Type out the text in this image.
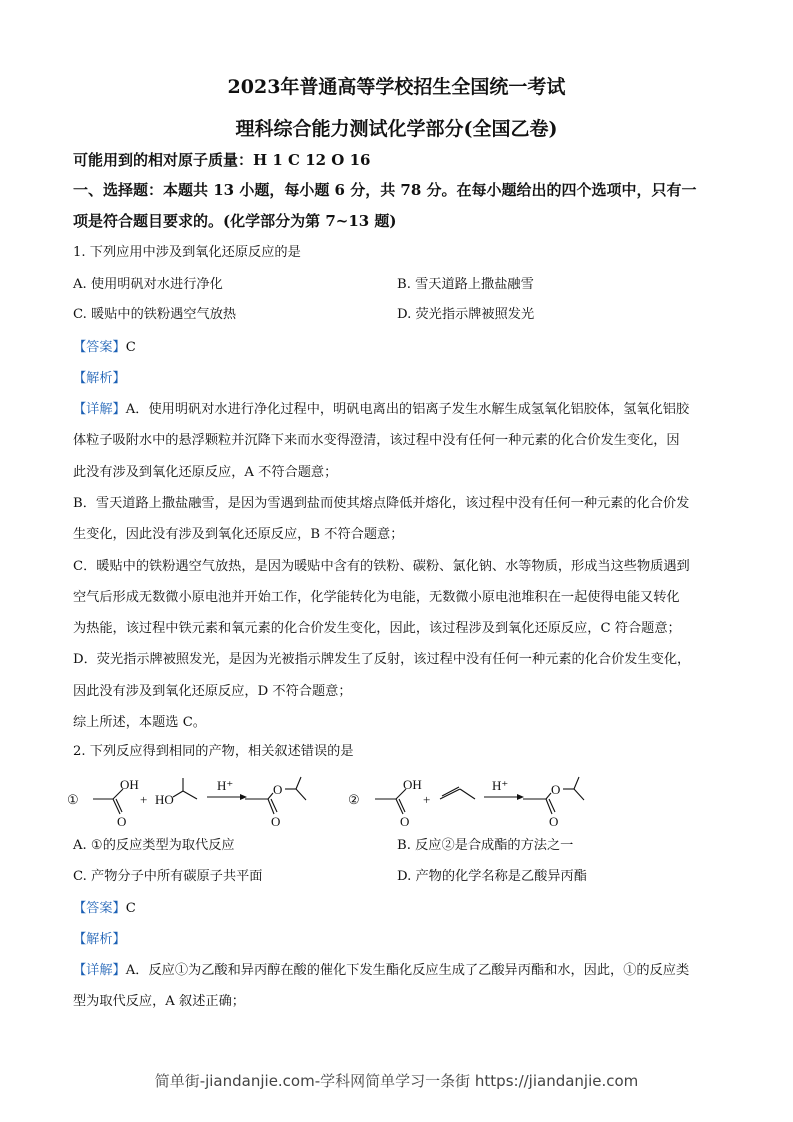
2023年普通高等学校招生全国统一考试
理科综合能力测试化学部分(全国乙卷)
可能用到的相对原子质量：H 1 C 12 O 16
一、选择题：本题共 13 小题，每小题 6 分，共 78 分。在每小题给出的四个选项中，只有一
项是符合题目要求的。(化学部分为第 7~13 题)
1. 下列应用中涉及到氧化还原反应的是
A. 使用明矾对水进行净化	B. 雪天道路上撒盐融雪
C. 暖贴中的铁粉遇空气放热	D. 荧光指示牌被照发光
【答案】C
【解析】
【详解】A．使用明矾对水进行净化过程中，明矾电离出的铝离子发生水解生成氢氧化铝胶体，氢氧化铝胶
体粒子吸附水中的悬浮颗粒并沉降下来而水变得澄清，该过程中没有任何一种元素的化合价发生变化，因
此没有涉及到氧化还原反应，A 不符合题意；
B．雪天道路上撒盐融雪，是因为雪遇到盐而使其熔点降低并熔化，该过程中没有任何一种元素的化合价发
生变化，因此没有涉及到氧化还原反应，B 不符合题意；
C．暖贴中的铁粉遇空气放热，是因为暖贴中含有的铁粉、碳粉、氯化钠、水等物质，形成当这些物质遇到
空气后形成无数微小原电池并开始工作，化学能转化为电能，无数微小原电池堆积在一起使得电能又转化
为热能，该过程中铁元素和氧元素的化合价发生变化，因此，该过程涉及到氧化还原反应，C 符合题意；
D．荧光指示牌被照发光，是因为光被指示牌发生了反射，该过程中没有任何一种元素的化合价发生变化，
因此没有涉及到氧化还原反应，D 不符合题意；
综上所述，本题选 C。
2. 下列反应得到相同的产物，相关叙述错误的是
①
OH
O
+ HO
H⁺	O
O
②
OH
O
+
H⁺	O
O
A. ①的反应类型为取代反应	B. 反应②是合成酯的方法之一
C. 产物分子中所有碳原子共平面	D. 产物的化学名称是乙酸异丙酯
【答案】C
【解析】
【详解】A．反应①为乙酸和异丙醇在酸的催化下发生酯化反应生成了乙酸异丙酯和水，因此，①的反应类
型为取代反应，A 叙述正确；
简单街-jiandanjie.com-学科网简单学习一条街 https://jiandanjie.com
